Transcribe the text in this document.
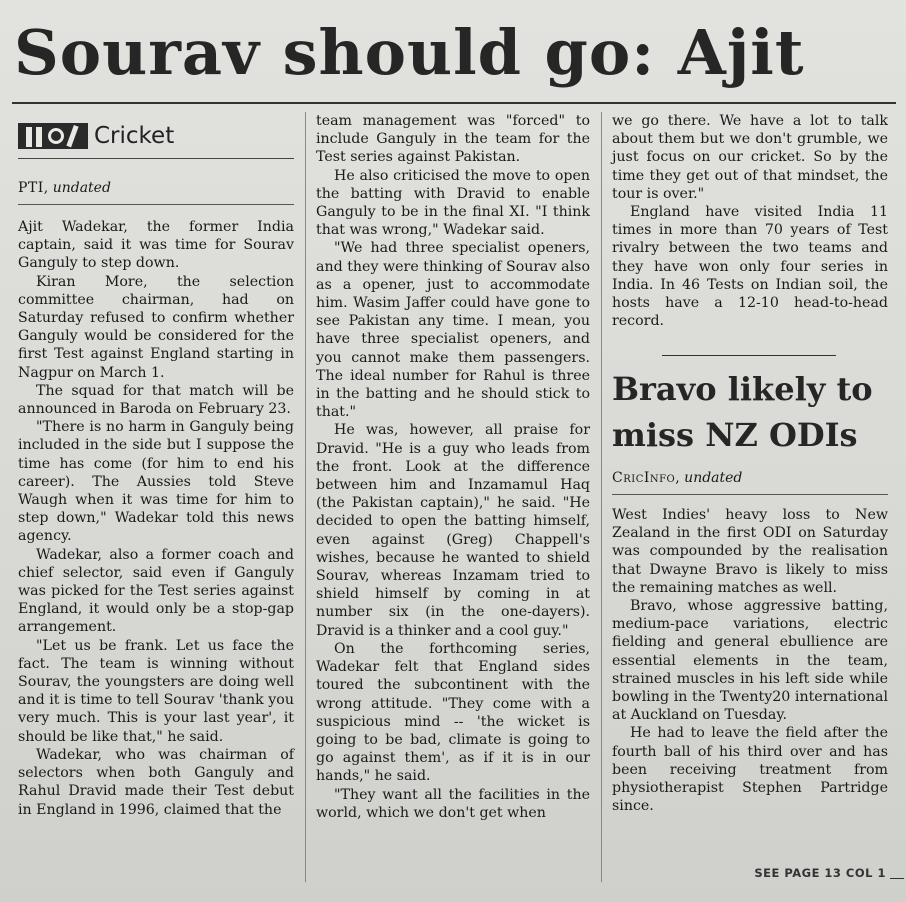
Sourav should go: Ajit
Cricket
PTI, undated

Ajit Wadekar, the former India captain, said it was time for Sourav Ganguly to step down.

Kiran More, the selection committee chairman, had on Saturday refused to confirm whether Ganguly would be considered for the first Test against England starting in Nagpur on March 1.

The squad for that match will be announced in Baroda on February 23.

"There is no harm in Ganguly being included in the side but I suppose the time has come (for him to end his career). The Aussies told Steve Waugh when it was time for him to step down," Wadekar told this news agency.

Wadekar, also a former coach and chief selector, said even if Ganguly was picked for the Test series against England, it would only be a stop-gap arrangement.

"Let us be frank. Let us face the fact. The team is winning without Sourav, the youngsters are doing well and it is time to tell Sourav 'thank you very much. This is your last year', it should be like that," he said.

Wadekar, who was chairman of selectors when both Ganguly and Rahul Dravid made their Test debut in England in 1996, claimed that the

team management was "forced" to include Ganguly in the team for the Test series against Pakistan.

He also criticised the move to open the batting with Dravid to enable Ganguly to be in the final XI. "I think that was wrong," Wadekar said.

"We had three specialist openers, and they were thinking of Sourav also as a opener, just to accommodate him. Wasim Jaffer could have gone to see Pakistan any time. I mean, you have three specialist openers, and you cannot make them passengers. The ideal number for Rahul is three in the batting and he should stick to that."

He was, however, all praise for Dravid. "He is a guy who leads from the front. Look at the difference between him and Inzamamul Haq (the Pakistan captain)," he said. "He decided to open the batting himself, even against (Greg) Chappell's wishes, because he wanted to shield Sourav, whereas Inzamam tried to shield himself by coming in at number six (in the one-dayers). Dravid is a thinker and a cool guy."

On the forthcoming series, Wadekar felt that England sides toured the subcontinent with the wrong attitude. "They come with a suspicious mind -- 'the wicket is going to be bad, climate is going to go against them', as if it is in our hands," he said.

"They want all the facilities in the world, which we don't get when

we go there. We have a lot to talk about them but we don't grumble, we just focus on our cricket. So by the time they get out of that mindset, the tour is over."

England have visited India 11 times in more than 70 years of Test rivalry between the two teams and they have won only four series in India. In 46 Tests on Indian soil, the hosts have a 12-10 head-to-head record.

Bravo likely to miss NZ ODIs
CricInfo, undated

West Indies' heavy loss to New Zealand in the first ODI on Saturday was compounded by the realisation that Dwayne Bravo is likely to miss the remaining matches as well.

Bravo, whose aggressive batting, medium-pace variations, electric fielding and general ebullience are essential elements in the team, strained muscles in his left side while bowling in the Twenty20 international at Auckland on Tuesday.

He had to leave the field after the fourth ball of his third over and has been receiving treatment from physiotherapist Stephen Partridge since.

SEE PAGE 13 COL 1
